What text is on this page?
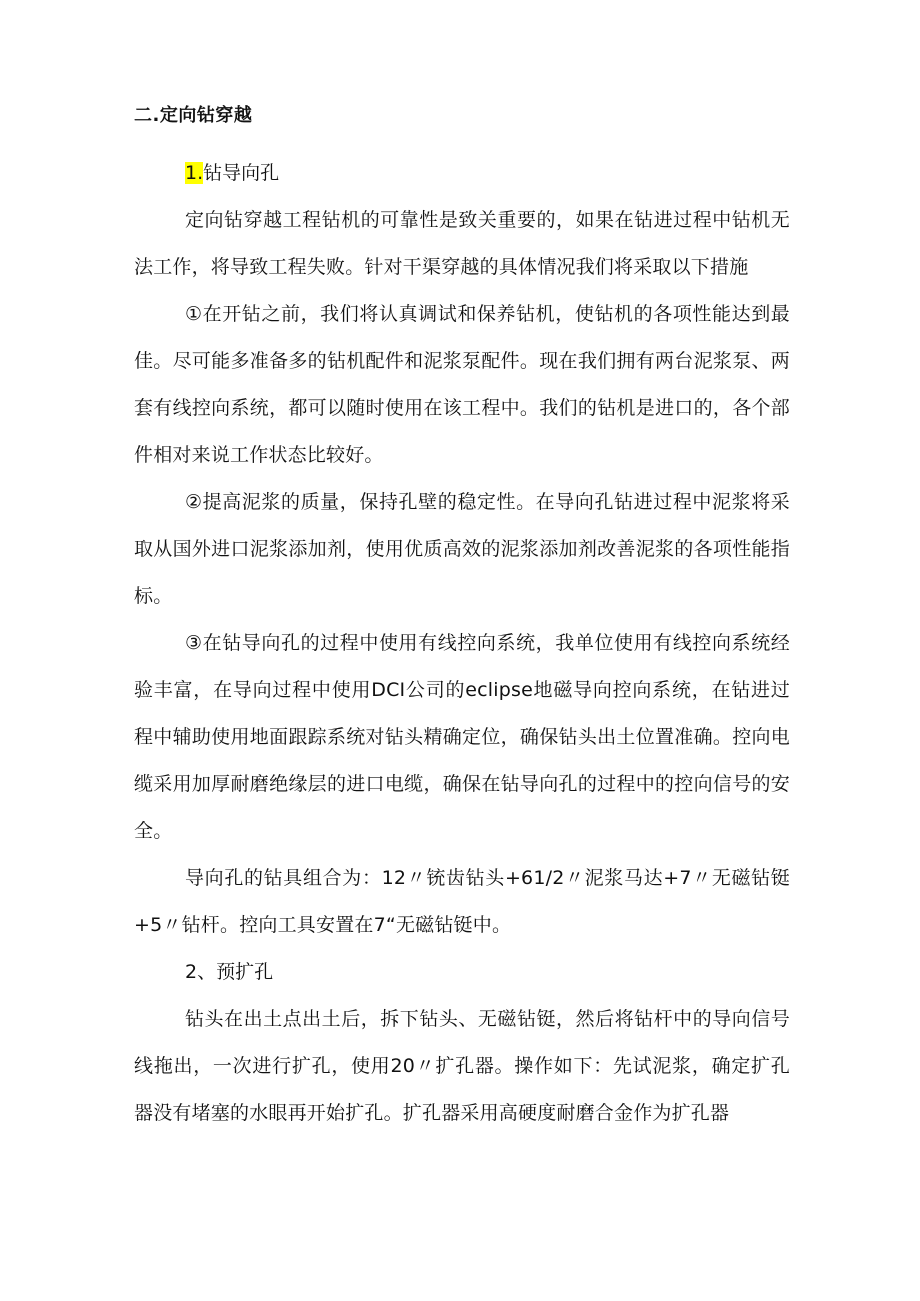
二.定向钻穿越
1.钻导向孔

定向钻穿越工程钻机的可靠性是致关重要的，如果在钻进过程中钻机无法工作，将导致工程失败。针对干渠穿越的具体情况我们将采取以下措施

①在开钻之前，我们将认真调试和保养钻机，使钻机的各项性能达到最佳。尽可能多准备多的钻机配件和泥浆泵配件。现在我们拥有两台泥浆泵、两套有线控向系统，都可以随时使用在该工程中。我们的钻机是进口的，各个部件相对来说工作状态比较好。

②提高泥浆的质量，保持孔壁的稳定性。在导向孔钻进过程中泥浆将采取从国外进口泥浆添加剂，使用优质高效的泥浆添加剂改善泥浆的各项性能指标。

③在钻导向孔的过程中使用有线控向系统，我单位使用有线控向系统经验丰富，在导向过程中使用DCI公司的eclipse地磁导向控向系统，在钻进过程中辅助使用地面跟踪系统对钻头精确定位，确保钻头出土位置准确。控向电缆采用加厚耐磨绝缘层的进口电缆，确保在钻导向孔的过程中的控向信号的安全。

导向孔的钻具组合为：12〃铳齿钻头+61/2〃泥浆马达+7〃无磁钻铤+5〃钻杆。控向工具安置在7“无磁钻铤中。

2、预扩孔

钻头在出土点出土后，拆下钻头、无磁钻铤，然后将钻杆中的导向信号线拖出，一次进行扩孔，使用20〃扩孔器。操作如下：先试泥浆，确定扩孔器没有堵塞的水眼再开始扩孔。扩孔器采用高硬度耐磨合金作为扩孔器
